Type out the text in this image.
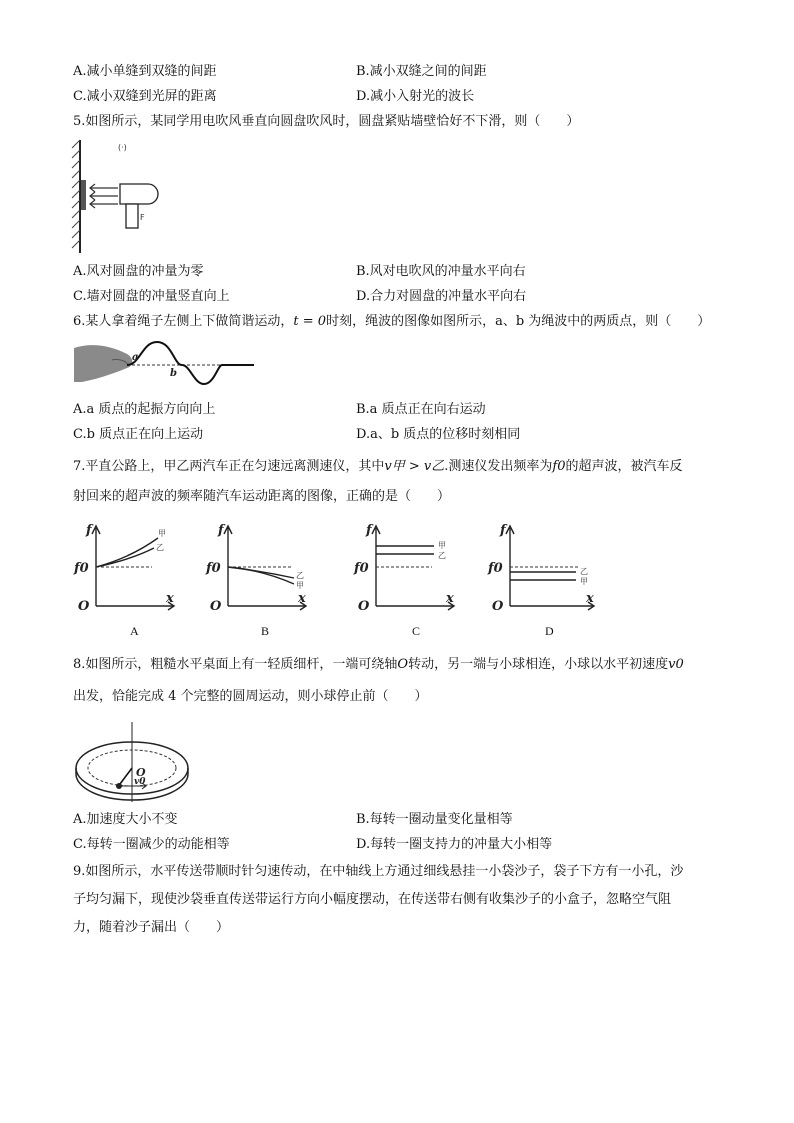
A.减小单缝到双缝的间距	B.减小双缝之间的间距
C.减小双缝到光屏的距离	D.减小入射光的波长
5.如图所示，某同学用电吹风垂直向圆盘吹风时，圆盘紧贴墙壁恰好不下滑，则（　　）
F
(·)
A.风对圆盘的冲量为零	B.风对电吹风的冲量水平向右
C.墙对圆盘的冲量竖直向上	D.合力对圆盘的冲量水平向右
6.某人拿着绳子左侧上下做简谐运动，t = 0时刻，绳波的图像如图所示，a、b 为绳波中的两质点，则（　　）
a
b
A.a 质点的起振方向向上	B.a 质点正在向右运动
C.b 质点正在向上运动	D.a、b 质点的位移时刻相同
7.平直公路上，甲乙两汽车正在匀速远离测速仪，其中v甲 > v乙.测速仪发出频率为f0的超声波，被汽车反
射回来的超声波的频率随汽车运动距离的图像，正确的是（　　）
f
x
O
f0
甲
乙
f
x
O
f0	乙
甲
f
x
O
f0
甲
乙
f
x
O
f0	乙
甲
A	B	C	D
8.如图所示，粗糙水平桌面上有一轻质细杆，一端可绕轴O转动，另一端与小球相连，小球以水平初速度v0
出发，恰能完成 4 个完整的圆周运动，则小球停止前（　　）
O
v0
A.加速度大小不变	B.每转一圈动量变化量相等
C.每转一圈减少的动能相等	D.每转一圈支持力的冲量大小相等
9.如图所示，水平传送带顺时针匀速传动，在中轴线上方通过细线悬挂一小袋沙子，袋子下方有一小孔，沙
子均匀漏下，现使沙袋垂直传送带运行方向小幅度摆动，在传送带右侧有收集沙子的小盒子，忽略空气阻
力，随着沙子漏出（　　）
